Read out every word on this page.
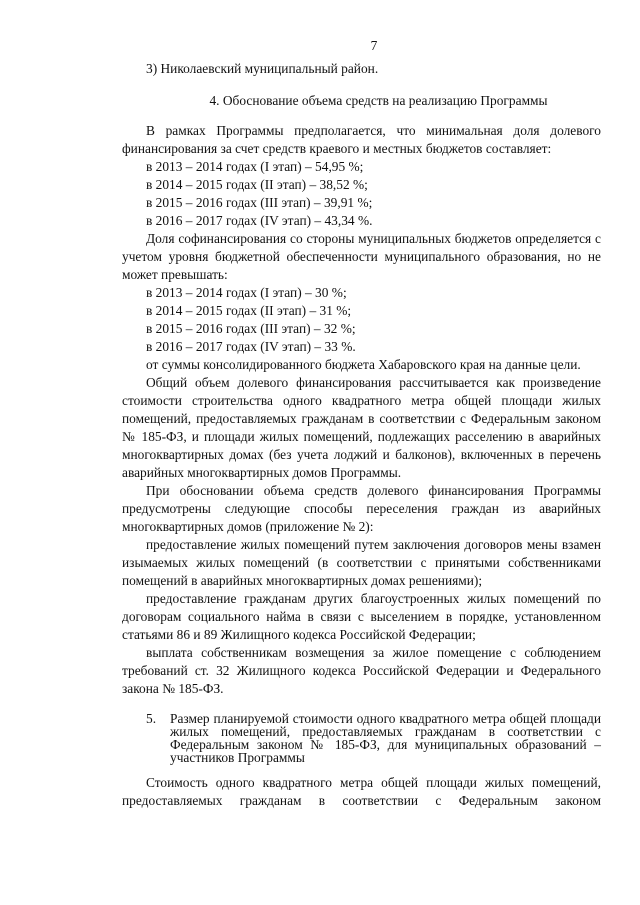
7

3) Николаевский муниципальный район.

4. Обоснование объема средств на реализацию Программы

В рамках Программы предполагается, что минимальная доля долевого финансирования за счет средств краевого и местных бюджетов составляет:

в 2013 – 2014 годах (I этап) – 54,95 %;
в 2014 – 2015 годах (II этап) – 38,52 %;
в 2015 – 2016 годах (III этап) – 39,91 %;
в 2016 – 2017 годах (IV этап) – 43,34 %.

Доля софинансирования со стороны муниципальных бюджетов определяется с учетом уровня бюджетной обеспеченности муниципального образования, но не может превышать:

в 2013 – 2014 годах (I этап) – 30 %;
в 2014 – 2015 годах (II этап) – 31 %;
в 2015 – 2016 годах (III этап) – 32 %;
в 2016 – 2017 годах (IV этап) – 33 %.

от суммы консолидированного бюджета Хабаровского края на данные цели.

Общий объем долевого финансирования рассчитывается как произведение стоимости строительства одного квадратного метра общей площади жилых помещений, предоставляемых гражданам в соответствии с Федеральным законом № 185-ФЗ, и площади жилых помещений, подлежащих расселению в аварийных многоквартирных домах (без учета лоджий и балконов), включенных в перечень аварийных многоквартирных домов Программы.

При обосновании объема средств долевого финансирования Программы предусмотрены следующие способы переселения граждан из аварийных многоквартирных домов (приложение № 2):

предоставление жилых помещений путем заключения договоров мены взамен изымаемых жилых помещений (в соответствии с принятыми собственниками помещений в аварийных многоквартирных домах решениями);

предоставление гражданам других благоустроенных жилых помещений по договорам социального найма в связи с выселением в порядке, установленном статьями 86 и 89 Жилищного кодекса Российской Федерации;

выплата собственникам возмещения за жилое помещение с соблюдением требований ст. 32 Жилищного кодекса Российской Федерации и Федерального закона № 185-ФЗ.

5.	Размер планируемой стоимости одного квадратного метра общей площади жилых помещений, предоставляемых гражданам в соответствии с Федеральным законом № 185-ФЗ, для муниципальных образований – участников Программы

Стоимость одного квадратного метра общей площади жилых помещений, предоставляемых гражданам в соответствии с Федеральным законом
